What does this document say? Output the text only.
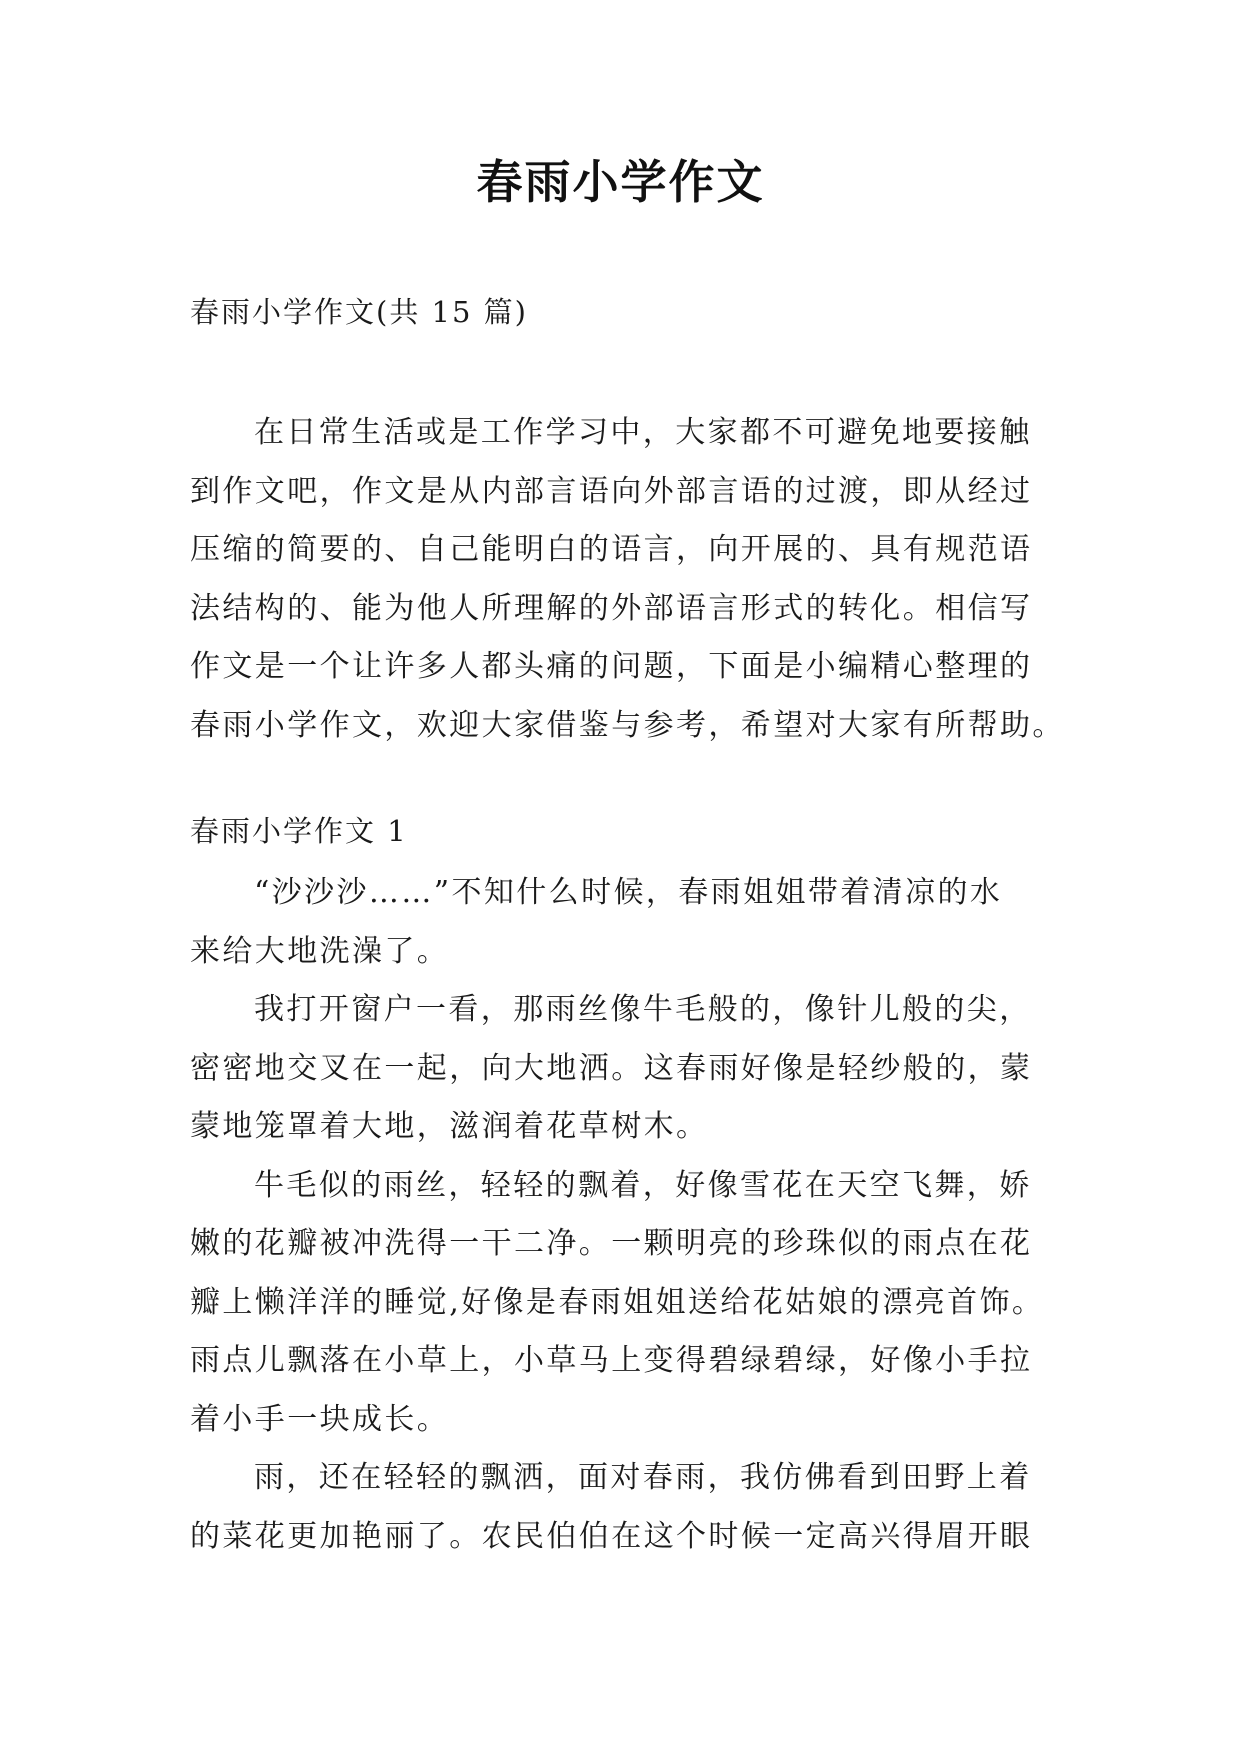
春雨小学作文
春雨小学作文(共 15 篇)
在日常生活或是工作学习中，大家都不可避免地要接触
到作文吧，作文是从内部言语向外部言语的过渡，即从经过
压缩的简要的、自己能明白的语言，向开展的、具有规范语
法结构的、能为他人所理解的外部语言形式的转化。相信写
作文是一个让许多人都头痛的问题，下面是小编精心整理的
春雨小学作文，欢迎大家借鉴与参考，希望对大家有所帮助。
春雨小学作文 1
“沙沙沙……”不知什么时候，春雨姐姐带着清凉的水
来给大地洗澡了。
我打开窗户一看，那雨丝像牛毛般的，像针儿般的尖，
密密地交叉在一起，向大地洒。这春雨好像是轻纱般的，蒙
蒙地笼罩着大地，滋润着花草树木。
牛毛似的雨丝，轻轻的飘着，好像雪花在天空飞舞，娇
嫩的花瓣被冲洗得一干二净。一颗明亮的珍珠似的雨点在花
瓣上懒洋洋的睡觉,好像是春雨姐姐送给花姑娘的漂亮首饰。
雨点儿飘落在小草上，小草马上变得碧绿碧绿，好像小手拉
着小手一块成长。
雨，还在轻轻的飘洒，面对春雨，我仿佛看到田野上着
的菜花更加艳丽了。农民伯伯在这个时候一定高兴得眉开眼
